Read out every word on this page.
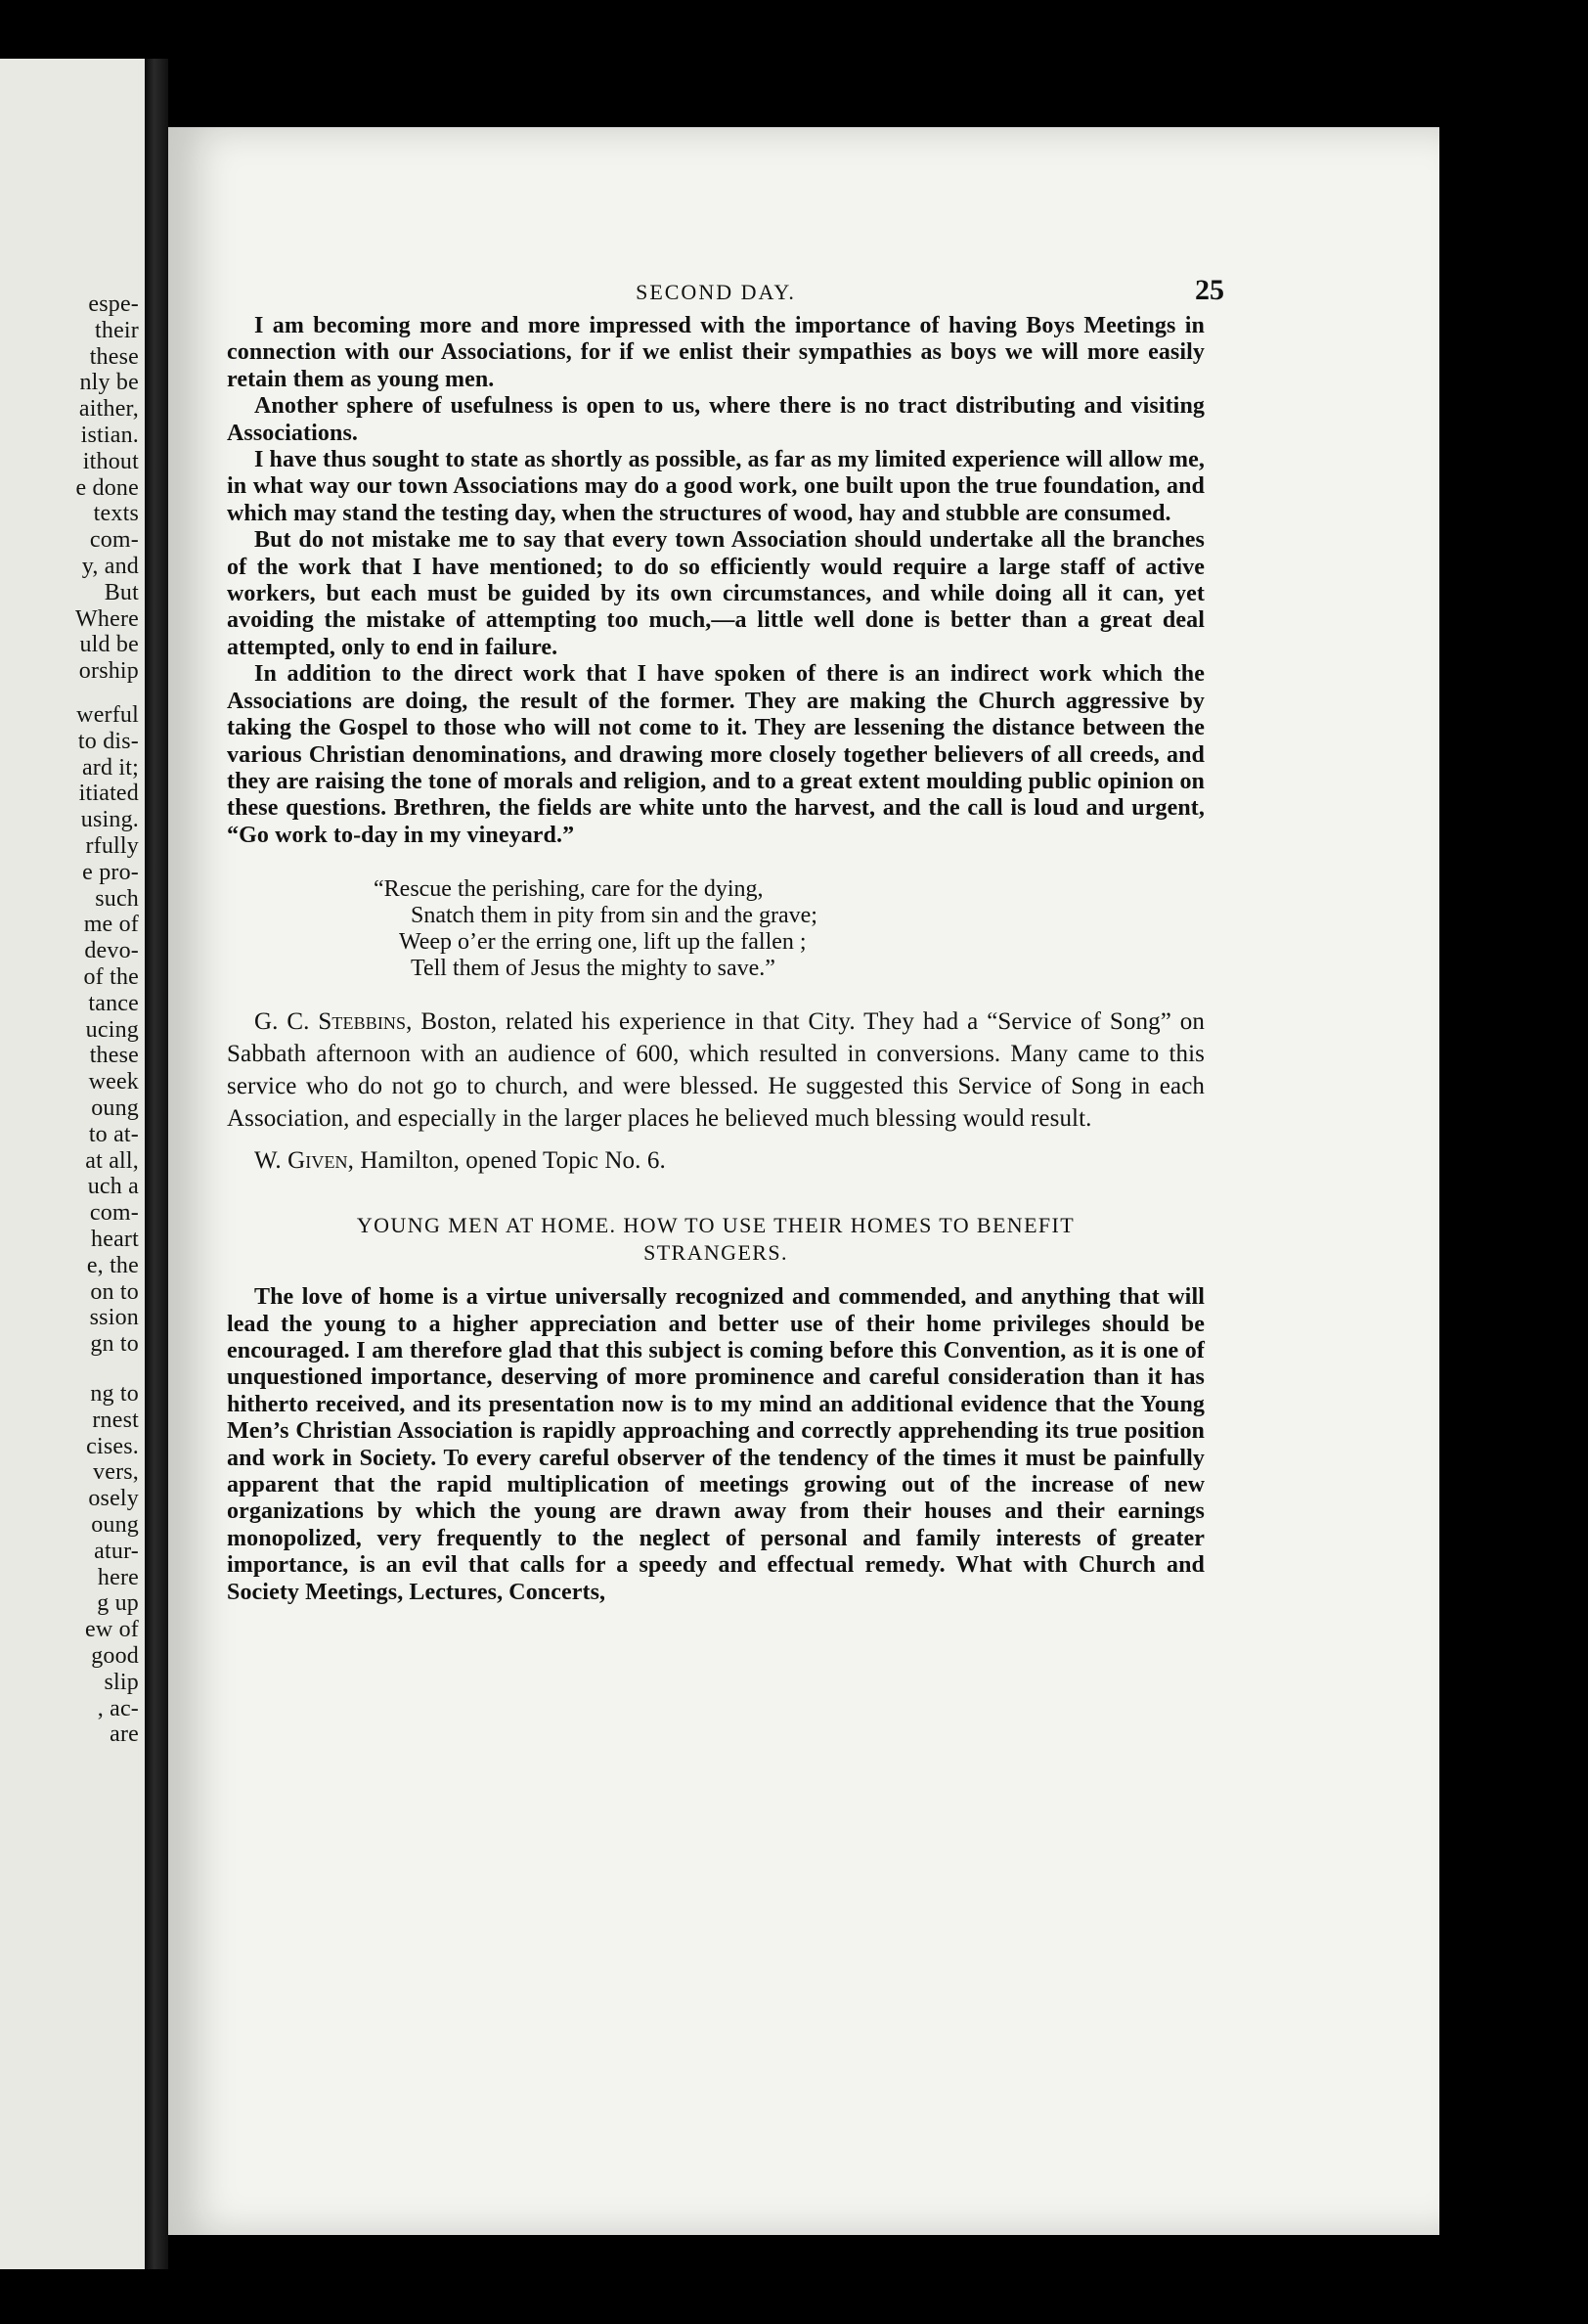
espe-
their
these
nly be
aither,
istian.
ithout
e done
texts
com-
y, and
But
Where
uld be
orship
werful
to dis-
ard it;
itiated
using.
rfully
e pro-
such
me of
devo-
of the
tance
ucing
these
week
oung
to at-
at all,
uch a
com-
heart
e, the
on to
ssion
gn to
ng to
rnest
cises.
vers,
osely
oung
atur-
here
g up
ew of
good
slip
, ac-
are
SECOND DAY.	25

I am becoming more and more impressed with the importance of having Boys Meetings in connection with our Associations, for if we enlist their sympathies as boys we will more easily retain them as young men.

Another sphere of usefulness is open to us, where there is no tract distributing and visiting Associations.

I have thus sought to state as shortly as possible, as far as my limited experience will allow me, in what way our town Associations may do a good work, one built upon the true foundation, and which may stand the testing day, when the structures of wood, hay and stubble are consumed.

But do not mistake me to say that every town Association should undertake all the branches of the work that I have mentioned; to do so efficiently would require a large staff of active workers, but each must be guided by its own circumstances, and while doing all it can, yet avoiding the mistake of attempting too much,—a little well done is better than a great deal attempted, only to end in failure.

In addition to the direct work that I have spoken of there is an indirect work which the Associations are doing, the result of the former. They are making the Church aggressive by taking the Gospel to those who will not come to it. They are lessening the distance between the various Christian denominations, and drawing more closely together believers of all creeds, and they are raising the tone of morals and religion, and to a great extent moulding public opinion on these questions. Brethren, the fields are white unto the harvest, and the call is loud and urgent, “Go work to-day in my vineyard.”

“Rescue the perishing, care for the dying,
Snatch them in pity from sin and the grave;
Weep o’er the erring one, lift up the fallen ;
Tell them of Jesus the mighty to save.”

G. C. Stebbins, Boston, related his experience in that City. They had a “Service of Song” on Sabbath afternoon with an audience of 600, which resulted in conversions. Many came to this service who do not go to church, and were blessed. He suggested this Service of Song in each Association, and especially in the larger places he believed much blessing would result.

W. Given, Hamilton, opened Topic No. 6.

YOUNG MEN AT HOME. HOW TO USE THEIR HOMES TO BENEFIT
STRANGERS.

The love of home is a virtue universally recognized and commended, and anything that will lead the young to a higher appreciation and better use of their home privileges should be encouraged. I am therefore glad that this subject is coming before this Convention, as it is one of unquestioned importance, deserving of more prominence and careful consideration than it has hitherto received, and its presentation now is to my mind an additional evidence that the Young Men’s Christian Association is rapidly approaching and correctly apprehending its true position and work in Society. To every careful observer of the tendency of the times it must be painfully apparent that the rapid multiplication of meetings growing out of the increase of new organizations by which the young are drawn away from their houses and their earnings monopolized, very frequently to the neglect of personal and family interests of greater importance, is an evil that calls for a speedy and effectual remedy. What with Church and Society Meetings, Lectures, Concerts,
